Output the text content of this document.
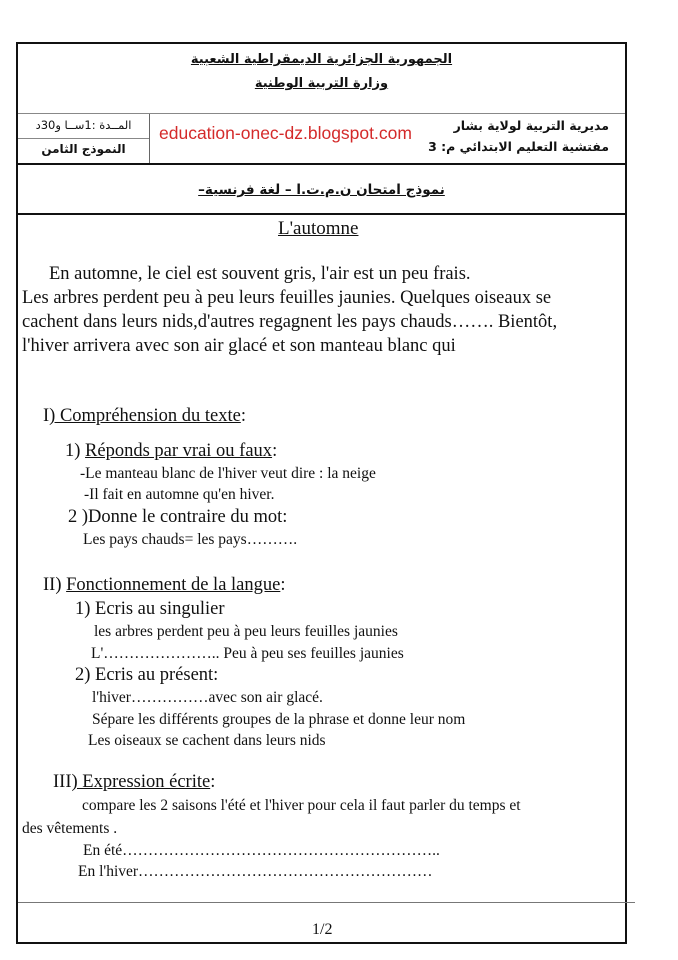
الجمهورية الجزائرية الديمقراطية الشعبية
وزارة التربية الوطنية
المــدة :1ســا و30د
النموذج الثامن
education-onec-dz.blogspot.com	مديرية التربية لولاية بشار
مفتشية التعليم الابتدائي م: 3
نموذج امتحان ن.م.ت.ا – لغة فرنسية–
L'automne
En automne, le ciel est souvent gris, l'air est un peu frais.
Les arbres perdent peu à peu leurs feuilles jaunies. Quelques oiseaux se
cachent dans leurs nids,d'autres regagnent les pays chauds……. Bientôt,
l'hiver arrivera avec son air glacé et son manteau blanc qui
I) Compréhension du texte:
1) Réponds par vrai ou faux:
-Le manteau blanc de l'hiver veut dire : la neige
-Il fait en automne qu'en hiver.
2 )Donne le contraire du mot:
Les pays chauds= les pays……….
II) Fonctionnement de la langue:
1) Ecris au singulier
les arbres perdent peu à peu leurs feuilles jaunies
L'………………….. Peu à peu ses feuilles jaunies
2) Ecris au présent:
l'hiver……………avec son air glacé.
Sépare les différents groupes de la phrase et donne leur nom
Les oiseaux se cachent dans leurs nids
III) Expression écrite:
compare les 2 saisons l'été et l'hiver pour cela il faut parler du temps et
des vêtements .
En été……………………………………………………..
En l'hiver…………………………………………………
1/2
